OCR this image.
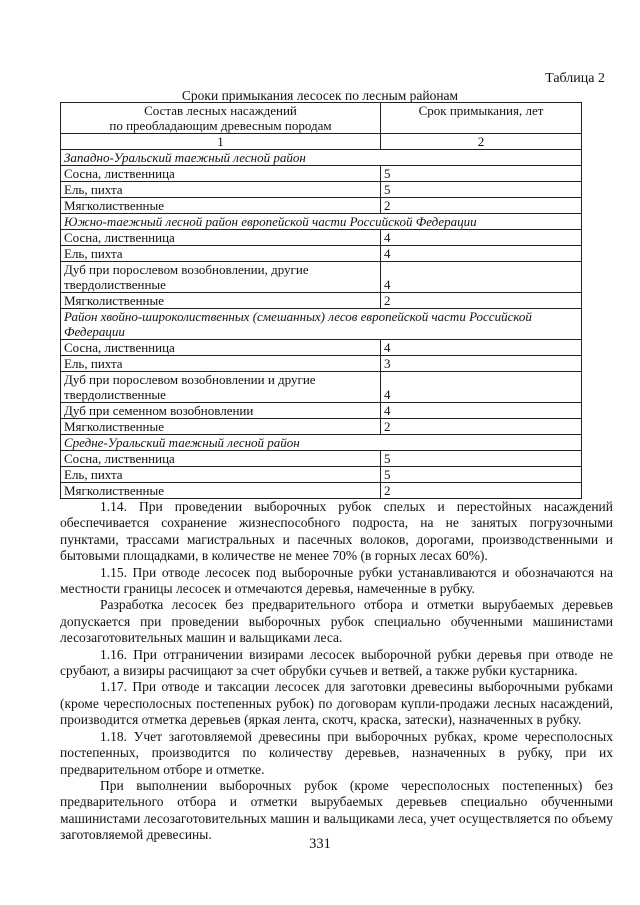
Таблица 2
Сроки примыкания лесосек по лесным районам
Состав лесных насаждений
по преобладающим древесным породам	Срок примыкания, лет
1	2
Западно-Уральский таежный лесной район	
Сосна, лиственница	5
Ель, пихта	5
Мягколиственные	2
Южно-таежный лесной район европейской части Российской Федерации	
Сосна, лиственница	4
Ель, пихта	4
Дуб при порослевом возобновлении, другие твердолиственные	4
Мягколиственные	2
Район хвойно-широколиственных (смешанных) лесов европейской части Российской Федерации	
Сосна, лиственница	4
Ель, пихта	3
Дуб при порослевом возобновлении и другие твердолиственные	4
Дуб при семенном возобновлении	4
Мягколиственные	2
Средне-Уральский таежный лесной район	
Сосна, лиственница	5
Ель, пихта	5
Мягколиственные	2

1.14. При проведении выборочных рубок спелых и перестойных насаждений обеспечивается сохранение жизнеспособного подроста, на не занятых погрузочными пунктами, трассами магистральных и пасечных волоков, дорогами, производственными и бытовыми площадками, в количестве не менее 70% (в горных лесах 60%).

1.15. При отводе лесосек под выборочные рубки устанавливаются и обозначаются на местности границы лесосек и отмечаются деревья, намеченные в рубку.

Разработка лесосек без предварительного отбора и отметки вырубаемых деревьев допускается при проведении выборочных рубок специально обученными машинистами лесозаготовительных машин и вальщиками леса.

1.16. При отграничении визирами лесосек выборочной рубки деревья при отводе не срубают, а визиры расчищают за счет обрубки сучьев и ветвей, а также рубки кустарника.

1.17. При отводе и таксации лесосек для заготовки древесины выборочными рубками (кроме чересполосных постепенных рубок) по договорам купли-продажи лесных насаждений, производится отметка деревьев (яркая лента, скотч, краска, затески), назначенных в рубку.

1.18. Учет заготовляемой древесины при выборочных рубках, кроме чересполосных постепенных, производится по количеству деревьев, назначенных в рубку, при их предварительном отборе и отметке.

При выполнении выборочных рубок (кроме чересполосных постепенных) без предварительного отбора и отметки вырубаемых деревьев специально обученными машинистами лесозаготовительных машин и вальщиками леса, учет осуществляется по объему заготовляемой древесины.

331
